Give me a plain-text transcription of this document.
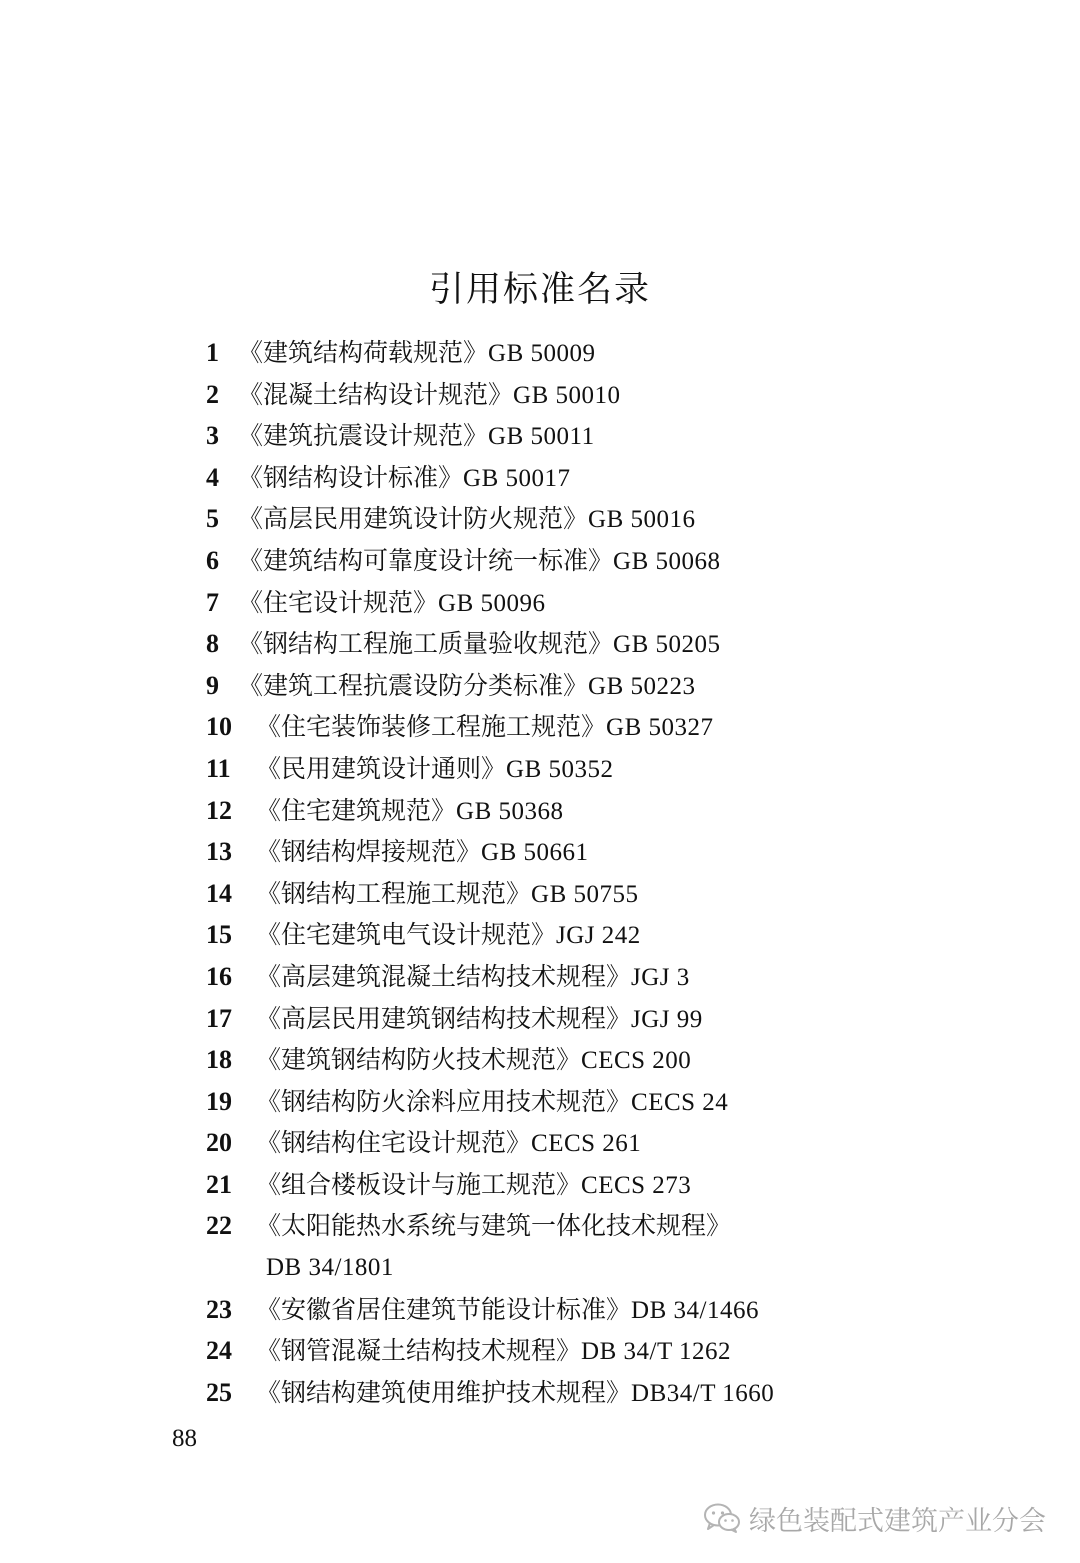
引用标准名录
1 《建筑结构荷载规范》GB 50009
2 《混凝土结构设计规范》GB 50010
3 《建筑抗震设计规范》GB 50011
4 《钢结构设计标准》GB 50017
5 《高层民用建筑设计防火规范》GB 50016
6 《建筑结构可靠度设计统一标准》GB 50068
7 《住宅设计规范》GB 50096
8 《钢结构工程施工质量验收规范》GB 50205
9 《建筑工程抗震设防分类标准》GB 50223
10 《住宅装饰装修工程施工规范》GB 50327
11 《民用建筑设计通则》GB 50352
12 《住宅建筑规范》GB 50368
13 《钢结构焊接规范》GB 50661
14 《钢结构工程施工规范》GB 50755
15 《住宅建筑电气设计规范》JGJ 242
16 《高层建筑混凝土结构技术规程》JGJ 3
17 《高层民用建筑钢结构技术规程》JGJ 99
18 《建筑钢结构防火技术规范》CECS 200
19 《钢结构防火涂料应用技术规范》CECS 24
20 《钢结构住宅设计规范》CECS 261
21 《组合楼板设计与施工规范》CECS 273
22 《太阳能热水系统与建筑一体化技术规程》
DB 34/1801
23 《安徽省居住建筑节能设计标准》DB 34/1466
24 《钢管混凝土结构技术规程》DB 34/T 1262
25 《钢结构建筑使用维护技术规程》DB34/T 1660
88
绿色装配式建筑产业分会
